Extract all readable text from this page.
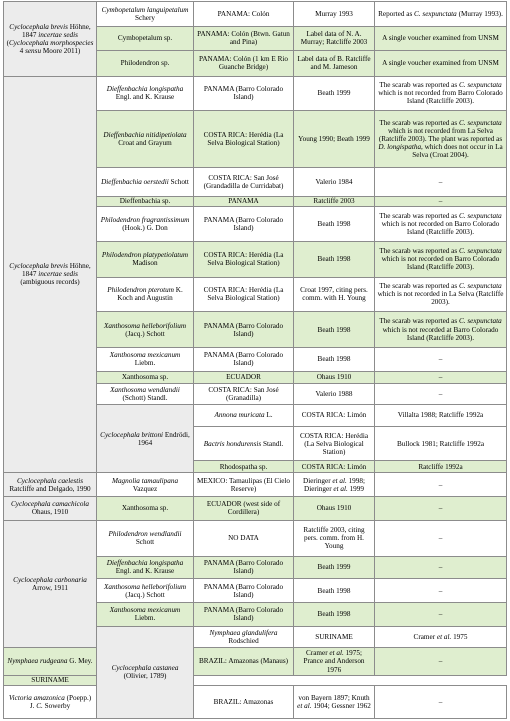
Cyclocephala brevis Höhne, 1847 incertae sedis (Cyclocephala morphospecies 4 sensu Moore 2011)	Cymbopetalum languipetalum Schery	PANAMA: Colón	Murray 1993	Reported as C. sexpunctata (Murray 1993).	
	Cymbopetalum sp.	PANAMA: Colón (Btwn. Gatun and Pina)	Label data of N. A. Murray; Ratcliffe 2003	A single voucher examined from UNSM	
	Philodendron sp.	PANAMA: Colón (1 km E Rio Guanche Bridge)	Label data of B. Ratcliffe and M. Jameson	A single voucher examined from UNSM	
Cyclocephala brevis Höhne, 1847 incertae sedis (ambiguous records)	Dieffenbachia longispatha Engl. and K. Krause	PANAMA (Barro Colorado Island)	Beath 1999	The scarab was reported as C. sexpunctata which is not recorded from Barro Colorado Island (Ratcliffe 2003).	
	Dieffenbachia nitidipetiolata Croat and Grayum	COSTA RICA: Herédia (La Selva Biological Station)	Young 1990; Beath 1999	The scarab was reported as C. sexpunctata which is not recorded from La Selva (Ratcliffe 2003). The plant was reported as D. longispatha, which does not occur in La Selva (Croat 2004).	
	Dieffenbachia oerstedii Schott	COSTA RICA: San José (Grandadilla de Curridabat)	Valerio 1984	–	
	Dieffenbachia sp.	PANAMA	Ratcliffe 2003	–	
	Philodendron fragrantissimum (Hook.) G. Don	PANAMA (Barro Colorado Island)	Beath 1998	The scarab was reported as C. sexpunctata which is not recorded on Barro Colorado Island (Ratcliffe 2003).	
	Philodendron platypetiolatum Madison	COSTA RICA: Herédia (La Selva Biological Station)	Beath 1998	The scarab was reported as C. sexpunctata which is not recorded on Barro Colorado Island (Ratcliffe 2003).	
	Philodendron pterotum K. Koch and Augustin	COSTA RICA: Herédia (La Selva Biological Station)	Croat 1997, citing pers. comm. with H. Young	The scarab was reported as C. sexpunctata which is not recorded in La Selva (Ratcliffe 2003).	
	Xanthosoma helleborifolium (Jacq.) Schott	PANAMA (Barro Colorado Island)	Beath 1998	The scarab was reported as C. sexpunctata which is not recorded at Barro Colorado Island (Ratcliffe 2003).	
	Xanthosoma mexicanum Liebm.	PANAMA (Barro Colorado Island)	Beath 1998	–	
	Xanthosoma sp.	ECUADOR	Ohaus 1910	–	
	Xanthosoma wendlandii (Schott) Standl.	COSTA RICA: San José (Granadilla)	Valerio 1988	–	
	Cyclocephala brittoni Endrödi, 1964	Annona muricata L.	COSTA RICA: Limón	Villalta 1988; Ratcliffe 1992a	
		Bactris hondurensis Standl.	COSTA RICA: Herédia (La Selva Biological Station)	Bullock 1981; Ratcliffe 1992a	
		Rhodospatha sp.	COSTA RICA: Limón	Ratcliffe 1992a	
Cyclocephala caelestis Ratcliffe and Delgado, 1990	Magnolia tamaulipana Vazquez	MEXICO: Tamaulipas (El Cielo Reserve)	Dieringer et al. 1998; Dieringer et al. 1999	–	
Cyclocephala camachicola Ohaus, 1910	Xanthosoma sp.	ECUADOR (west side of Cordillera)	Ohaus 1910	–	
Cyclocephala carbonaria Arrow, 1911	Philodendron wendlandii Schott	NO DATA	Ratcliffe 2003, citing pers. comm. from H. Young	–	
	Dieffenbachia longispatha Engl. and K. Krause	PANAMA (Barro Colorado Island)	Beath 1999	–	
	Xanthosoma helleborifolium (Jacq.) Schott	PANAMA (Barro Colorado Island)	Beath 1998	–	
	Xanthosoma mexicanum Liebm.	PANAMA (Barro Colorado Island)	Beath 1998	–	
	Cyclocephala castanea (Olivier, 1789)	Nymphaea glandulifera Rodschied	SURINAME	Cramer et al. 1975	
Nymphaea rudgeana G. Mey.		BRAZIL: Amazonas (Manaus)	Cramer et al. 1975; Prance and Anderson 1976	–	
SURINAME					
Victoria amazonica (Poepp.) J. C. Sowerby		BRAZIL: Amazonas	von Bayern 1897; Knuth et al. 1904; Gessner 1962	–	
